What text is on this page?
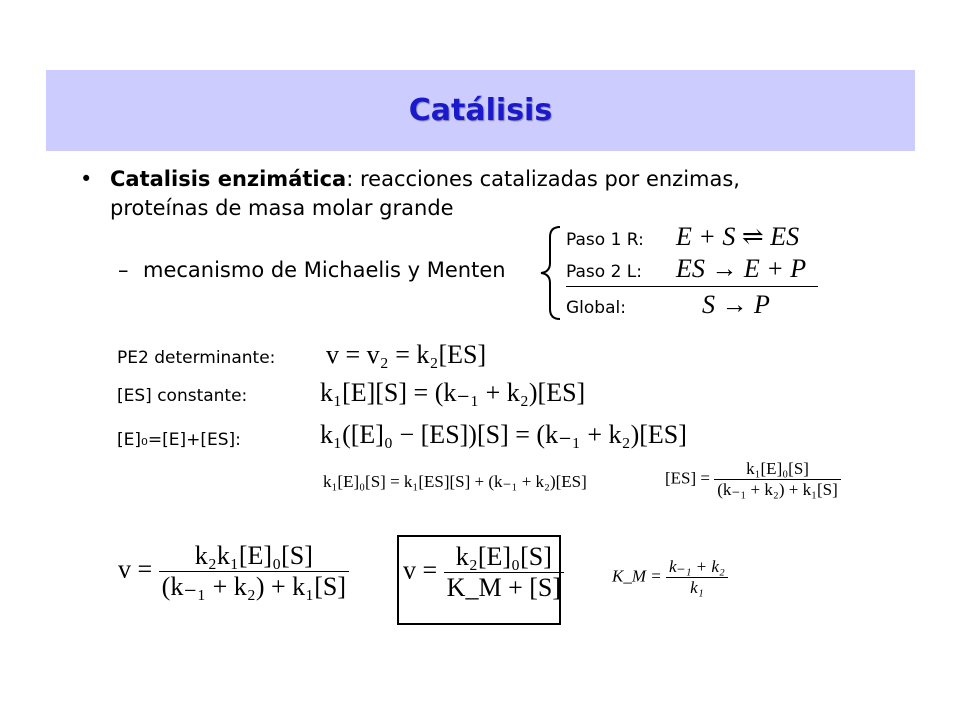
Catálisis
• Catalisis enzimática: reacciones catalizadas por enzimas,
proteínas de masa molar grande
– mecanismo de Michaelis y Menten
Paso 1 R: E + S ⇌ ES
Paso 2 L: ES → E + P
Global:	S → P
PE2 determinante: v = v₂ = k₂[ES]
[ES] constante:	k₁[E][S] = (k₋₁ + k₂)[ES]
[E]₀=[E]+[ES]:	k₁([E]₀ − [ES])[S] = (k₋₁ + k₂)[ES]
k₁[E]₀[S] = k₁[ES][S] + (k₋₁ + k₂)[ES]	$[ES] = \frac{\text{k₁[E]₀[S]}}{\text{(k₋₁ + k₂) + k₁[S]}}$
$v = \frac{\text{k₂k₁[E]₀[S]}}{\text{(k₋₁ + k₂) + k₁[S]}}$ $v = \frac{\text{k₂[E]₀[S]}}{K\_M + [S]}$	K_M = $\frac{\text{k₋₁ + k₂}}{\text{k₁}}$
